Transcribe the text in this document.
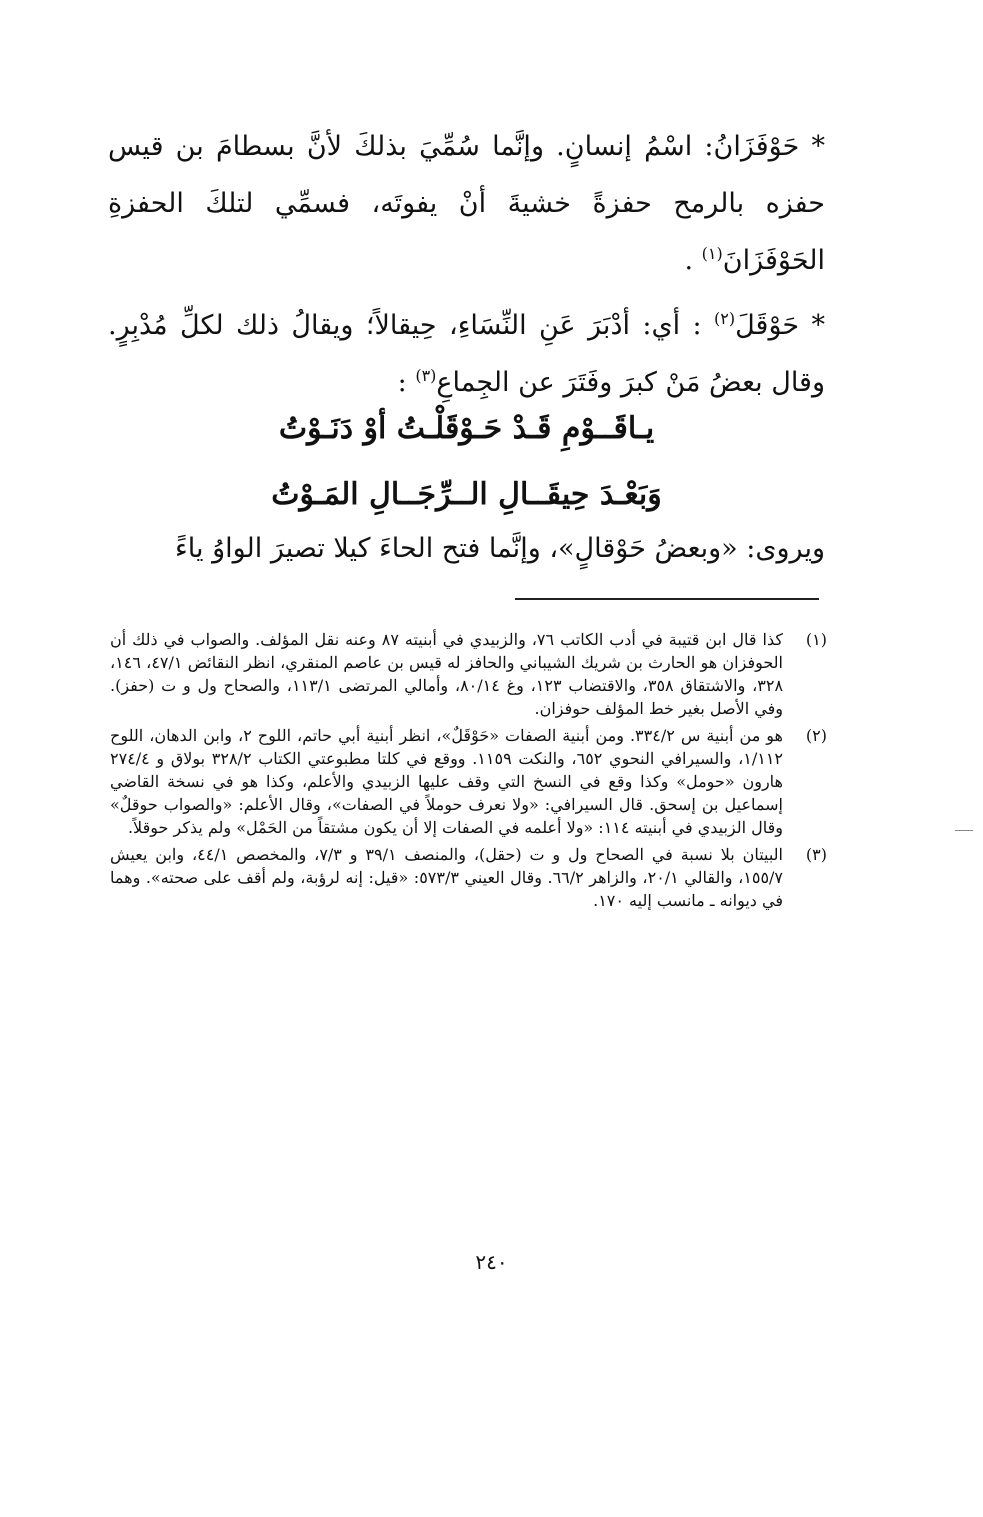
* حَوْفَزَانُ: اسْمُ إنسانٍ. وإنَّما سُمِّيَ بذلكَ لأنَّ بسطامَ بن قيس حفزه بالرمح حفزةً خشيةَ أنْ يفوتَه، فسمِّي لتلكَ الحفزةِ الحَوْفَزَانَ$^{(١)}$ .

* حَوْقَلَ$^{(٢)}$ : أي: أدْبَرَ عَنِ النِّسَاءِ، حِيقالاً؛ ويقالُ ذلك لكلِّ مُدْبِرٍ. وقال بعضُ مَنْ كبرَ وفَتَرَ عن الجِماعِ$^{(٣)}$ :

يـاقَــوْمِ قَـدْ حَـوْقَلْـتُ أوْ دَنَـوْتُ

وَبَعْـدَ حِيقَــالِ الــرِّجَــالِ المَـوْتُ

ويروى: «وبعضُ حَوْقالٍ»، وإنَّما فتح الحاءَ كيلا تصيرَ الواوُ ياءً

(١)
كذا قال ابن قتيبة في أدب الكاتب ٧٦، والزبيدي في أبنيته ٨٧ وعنه نقل المؤلف. والصواب في ذلك أن الحوفزان هو الحارث بن شريك الشيباني والحافز له قيس بن عاصم المنقري، انظر النقائض ٤٧/١، ١٤٦، ٣٢٨، والاشتقاق ٣٥٨، والاقتضاب ١٢٣، وغ ٨٠/١٤، وأمالي المرتضى ١١٣/١، والصحاح ول و ت (حفز). وفي الأصل بغير خط المؤلف حوفزان.
(٢)
هو من أبنية س ٣٣٤/٢. ومن أبنية الصفات «حَوْقَلٌ»، انظر أبنية أبي حاتم، اللوح ٢، وابن الدهان، اللوح ١/١١٢، والسيرافي النحوي ٦٥٢، والنكت ١١٥٩. ووقع في كلتا مطبوعتي الكتاب ٣٢٨/٢ بولاق و ٢٧٤/٤ هارون «حومل» وكذا وقع في النسخ التي وقف عليها الزبيدي والأعلم، وكذا هو في نسخة القاضي إسماعيل بن إسحق. قال السيرافي: «ولا نعرف حوملاً في الصفات»، وقال الأعلم: «والصواب حوقلٌ» وقال الزبيدي في أبنيته ١١٤: «ولا أعلمه في الصفات إلا أن يكون مشتقاً من الحَمْل» ولم يذكر حوقلاً.
(٣)
البيتان بلا نسبة في الصحاح ول و ت (حقل)، والمنصف ٣٩/١ و ٧/٣، والمخصص ٤٤/١، وابن يعيش ١٥٥/٧، والقالي ٢٠/١، والزاهر ٦٦/٢. وقال العيني ٥٧٣/٣: «قيل: إنه لرؤبة، ولم أقف على صحته». وهما في ديوانه ـ مانسب إليه ١٧٠.
٢٤٠
